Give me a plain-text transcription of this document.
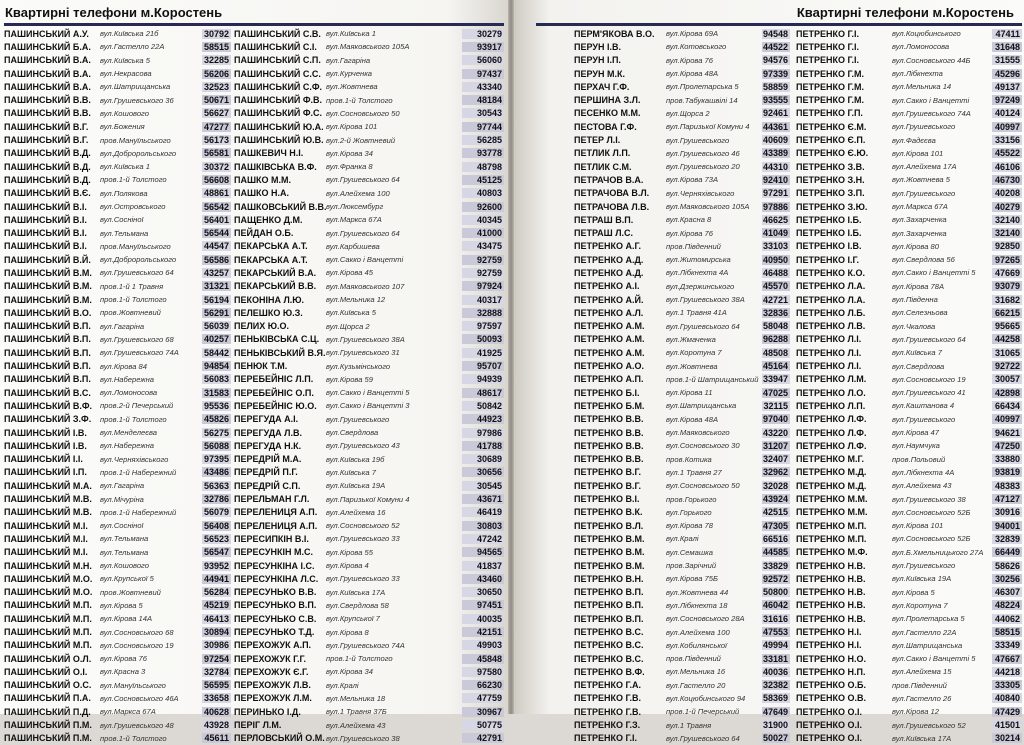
Квартирні телефони м.Коростень
ПАШИНСЬКИЙ А.У.	вул.Київська 21б	30792
ПАШИНСЬКИЙ Б.А.	вул.Гастелло 22А	58515
ПАШИНСЬКИЙ В.А.	вул.Київська 5	32285
ПАШИНСЬКИЙ В.А.	вул.Некрасова	56206
ПАШИНСЬКИЙ В.А.	вул.Шатрищанська	32523
ПАШИНСЬКИЙ В.В.	вул.Грушевського 36	50671
ПАШИНСЬКИЙ В.В.	вул.Кошового	56627
ПАШИНСЬКИЙ В.Г.	вул.Божения	47277
ПАШИНСЬКИЙ В.Г.	пров.Мануїльського	56173
ПАШИНСЬКИЙ В.Д.	вул.Добророльського	56581
ПАШИНСЬКИЙ В.Д.	вул.Київська 1	30372
ПАШИНСЬКИЙ В.Д.	пров.1-й Толстого	56608
ПАШИНСЬКИЙ В.Є.	вул.Полякова	48861
ПАШИНСЬКИЙ В.І.	вул.Островського	56542
ПАШИНСЬКИЙ В.І.	вул.Сосніної	56401
ПАШИНСЬКИЙ В.І.	вул.Тельмана	56544
ПАШИНСЬКИЙ В.І.	пров.Мануїльського	44547
ПАШИНСЬКИЙ В.Й.	вул.Добророльського	56586
ПАШИНСЬКИЙ В.М.	вул.Грушевського 64	43257
ПАШИНСЬКИЙ В.М.	пров.1-й 1 Травня	31321
ПАШИНСЬКИЙ В.М.	пров.1-й Толстого	56194
ПАШИНСЬКИЙ В.О.	пров.Жовтневий	56291
ПАШИНСЬКИЙ В.П.	вул.Гагаріна	56039
ПАШИНСЬКИЙ В.П.	вул.Грушевського 68	40257
ПАШИНСЬКИЙ В.П.	вул.Грушевського 74А	58442
ПАШИНСЬКИЙ В.П.	вул.Кірова 84	94854
ПАШИНСЬКИЙ В.П.	вул.Набережна	56083
ПАШИНСЬКИЙ В.С.	вул.Ломоносова	31583
ПАШИНСЬКИЙ В.Ф.	пров.2-й Печерський	95536
ПАШИНСЬКИЙ З.Ф.	пров.1-й Толстого	45826
ПАШИНСЬКИЙ І.В.	вул.Менделеєва	56275
ПАШИНСЬКИЙ І.В.	вул.Набережна	56088
ПАШИНСЬКИЙ І.І.	вул.Черняхівського	97395
ПАШИНСЬКИЙ І.П.	пров.1-й Набережний	43486
ПАШИНСЬКИЙ М.А.	вул.Гагаріна	56363
ПАШИНСЬКИЙ М.В.	вул.Мічуріна	32786
ПАШИНСЬКИЙ М.В.	пров.1-й Набережний	56079
ПАШИНСЬКИЙ М.І.	вул.Сосніної	56408
ПАШИНСЬКИЙ М.І.	вул.Тельмана	56523
ПАШИНСЬКИЙ М.І.	вул.Тельмана	56547
ПАШИНСЬКИЙ М.Н.	вул.Кошового	93952
ПАШИНСЬКИЙ М.О.	вул.Крупської 5	44941
ПАШИНСЬКИЙ М.О.	пров.Жовтневий	56284
ПАШИНСЬКИЙ М.П.	вул.Кірова 5	45219
ПАШИНСЬКИЙ М.П.	вул.Кірова 14А	46413
ПАШИНСЬКИЙ М.П.	вул.Сосновського 68	30894
ПАШИНСЬКИЙ М.П.	вул.Сосновського 19	30986
ПАШИНСЬКИЙ О.Л.	вул.Кірова 76	97254
ПАШИНСЬКИЙ О.І.	вул.Красна 3	32784
ПАШИНСЬКИЙ О.С.	вул.Мануїльського	56595
ПАШИНСЬКИЙ П.А.	вул.Сосновського 46А	33658
ПАШИНСЬКИЙ П.Д.	вул.Маркса 67А	40628
ПАШИНСЬКИЙ П.М.	вул.Грушевського 48	43928
ПАШИНСЬКИЙ П.М.	пров.1-й Толстого	45611
ПАШИНСЬКИЙ С.В. вул.Київська 1	30279
ПАШИНСЬКИЙ С.І.	вул.Маяковського 105А	93917
ПАШИНСЬКИЙ С.П. вул.Гагаріна	56060
ПАШИНСЬКИЙ С.С. вул.Курченка	97437
ПАШИНСЬКИЙ С.Ф. вул.Жовтнева	43340
ПАШИНСЬКИЙ Ф.В. пров.1-й Толстого	48184
ПАШИНСЬКИЙ Ф.С. вул.Сосновського 50	30543
ПАШИНСЬКИЙ Ю.А. вул.Кірова 101	97744
ПАШИНСЬКИЙ Ю.В. вул.2-й Жовтневий	56285
ПАШКЕВИЧ Н.І.	вул.Кірова 34	93778
ПАШКІВСЬКА В.Ф.	вул.Франка 8	48798
ПАШКО М.М.	вул.Грушевського 64	45125
ПАШКО Н.А.	вул.Алейхема 100	40803
ПАШКОВСЬКИЙ В.В. вул.Люксембург	92600
ПАЩЕНКО Д.М.	вул.Маркса 67А	40345
ПЕЙДАН О.Б.	вул.Грушевського 64	41000
ПЕКАРСЬКА А.Т.	вул.Карбишева	43475
ПЕКАРСЬКА А.Т.	вул.Сакко і Ванцетті	92759
ПЕКАРСЬКИЙ В.А.	вул.Кірова 45	92759
ПЕКАРСЬКИЙ В.В.	вул.Маяковського 107	97924
ПЕКОНІНА Л.Ю.	вул.Мельника 12	40317
ПЕЛЕШКО Ю.З.	вул.Київська 5	32888
ПЕЛИХ Ю.О.	вул.Щорса 2	97597
ПЕНЬКІВСЬКА С.Ц. вул.Грушевського 38А	50093
ПЕНЬКІВСЬКИЙ В.Я. вул.Грушевського 31	41925
ПЕНЮК Т.М.	вул.Кузьмінського	95707
ПЕРЕБЕЙНІС Л.П.	вул.Кірова 59	94939
ПЕРЕБЕЙНІС О.П.	вул.Сакко і Ванцетті 5	48617
ПЕРЕБЕЙНІС Ю.О.	вул.Сакко і Ванцетті 3	50842
ПЕРЕГУДА А.І.	вул.Грушевського	44923
ПЕРЕГУДА Л.В.	вул.Свердлова	97986
ПЕРЕГУДА Н.К.	вул.Грушевського 43	41788
ПЕРЕДРІЙ М.А.	вул.Київська 19б	30689
ПЕРЕДРІЙ П.Г.	вул.Київська 7	30656
ПЕРЕДРІЙ С.П.	вул.Київська 19А	30545
ПЕРЕЛЬМАН Г.Л.	вул.Паризької Комуни 4	43671
ПЕРЕЛЕНИЦЯ А.П.	вул.Алейхема 16	46419
ПЕРЕЛЕНИЦЯ А.П.	вул.Сосновського 52	30803
ПЕРЕСИПКІН В.І.	вул.Грушевського 33	47242
ПЕРЕСУНКІН М.С.	вул.Кірова 55	94565
ПЕРЕСУНКІНА І.С.	вул.Кірова 4	41837
ПЕРЕСУНКІНА Л.С.	вул.Грушевського 33	43460
ПЕРЕСУНЬКО В.В.	вул.Київська 17А	30650
ПЕРЕСУНЬКО В.П.	вул.Свердлова 58	97451
ПЕРЕСУНЬКО С.В.	вул.Крупської 7	40035
ПЕРЕСУНЬКО Т.Д.	вул.Кірова 8	42151
ПЕРЕХОЖУК А.П.	вул.Грушевського 74А	49903
ПЕРЕХОЖУК Г.Г.	пров.1-й Толстого	45848
ПЕРЕХОЖУК Є.Г.	вул.Кірова 34	97580
ПЕРЕХОЖУК Л.В.	вул.Кралі	66230
ПЕРЕХОЖУК Л.М.	вул.Мельника 18	47759
ПЕРИНЬКО І.Д.	вул.1 Травня 37Б	30967
ПЕРІГ Л.М.	вул.Алейхема 43	50775
ПЕРЛОВСЬКИЙ О.М. вул.Грушевського 38	42791
Квартирні телефони м.Коростень
ПЕРМ'ЯКОВА В.О.	вул.Кірова 69А	94548
ПЕРУН І.В.	вул.Котовського	44522
ПЕРУН І.П.	вул.Кірова 76	94576
ПЕРУН М.К.	вул.Кірова 48А	97339
ПЕРХАЧ Г.Ф.	вул.Пролетарська 5	58859
ПЕРШИНА З.Л.	пров.Табукашвілі 14	93555
ПЕСЕНКО М.М.	вул.Щорса 2	92461
ПЕСТОВА Г.Ф.	вул.Паризької Комуни 4	44361
ПЕТЕР Л.І.	вул.Грушевського	40609
ПЕТЛИК Л.П.	вул.Грушевського 46	43389
ПЕТЛИК С.М.	вул.Грушевського 20	44310
ПЕТРАЧОВ В.А.	вул.Кірова 73А	92410
ПЕТРАЧОВА В.Л.	вул.Черняхівського	97291
ПЕТРАЧОВА Л.В.	вул.Маяковського 105А	97886
ПЕТРАШ В.П.	вул.Красна 8	46625
ПЕТРАШ Л.С.	вул.Кірова 76	41049
ПЕТРЕНКО А.Г.	пров.Південний	33103
ПЕТРЕНКО А.Д.	вул.Житомирська	40950
ПЕТРЕНКО А.Д.	вул.Лібкнехта 4А	46488
ПЕТРЕНКО А.І.	вул.Дзержинського	45570
ПЕТРЕНКО А.Й.	вул.Грушевського 38А	42721
ПЕТРЕНКО А.Л.	вул.1 Травня 41А	32836
ПЕТРЕНКО А.М.	вул.Грушевського 64	58048
ПЕТРЕНКО А.М.	вул.Жмаченка	96288
ПЕТРЕНКО А.М.	вул.Коротуна 7	48508
ПЕТРЕНКО А.О.	вул.Жовтнева	45164
ПЕТРЕНКО А.П.	пров.1-й Шатрищанський 33947
ПЕТРЕНКО Б.І.	вул.Кірова 11	47025
ПЕТРЕНКО Б.М.	вул.Шатрищанська	32115
ПЕТРЕНКО В.В.	вул.Кірова 48А	97040
ПЕТРЕНКО В.В.	вул.Маяковського	43220
ПЕТРЕНКО В.В.	вул.Сосновського 30	31207
ПЕТРЕНКО В.В.	пров.Котика	32407
ПЕТРЕНКО В.Г.	вул.1 Травня 27	32962
ПЕТРЕНКО В.Г.	вул.Сосновського 50	32028
ПЕТРЕНКО В.І.	пров.Горького	43924
ПЕТРЕНКО В.К.	вул.Горького	42515
ПЕТРЕНКО В.Л.	вул.Кірова 78	47305
ПЕТРЕНКО В.М.	вул.Кралі	66516
ПЕТРЕНКО В.М.	вул.Семашка	44585
ПЕТРЕНКО В.М.	пров.Зарічний	33829
ПЕТРЕНКО В.Н.	вул.Кірова 75Б	92572
ПЕТРЕНКО В.П.	вул.Жовтнева 44	50800
ПЕТРЕНКО В.П.	вул.Лібкнехта 18	46042
ПЕТРЕНКО В.П.	вул.Сосновського 28А	31616
ПЕТРЕНКО В.С.	вул.Алейхема 100	47553
ПЕТРЕНКО В.С.	вул.Кобилянської	49994
ПЕТРЕНКО В.С.	пров.Південний	33181
ПЕТРЕНКО В.Ф.	вул.Мельника 16	40036
ПЕТРЕНКО Г.А.	вул.Гастелло 20	32382
ПЕТРЕНКО Г.В.	вул.Коцюбинського 94	58369
ПЕТРЕНКО Г.В.	пров.1-й Печерський	47649
ПЕТРЕНКО Г.З.	вул.1 Травня	31900
ПЕТРЕНКО Г.І.	вул.Грушевського 64	50027
ПЕТРЕНКО Г.І.	вул.Коцюбинського	47411
ПЕТРЕНКО Г.І.	вул.Ломоносова	31648
ПЕТРЕНКО Г.І.	вул.Сосновського 44Б	31555
ПЕТРЕНКО Г.М.	вул.Лібкнехта	45296
ПЕТРЕНКО Г.М.	вул.Мельника 14	49137
ПЕТРЕНКО Г.М.	вул.Сакко і Ванцетті	97249
ПЕТРЕНКО Г.П.	вул.Грушевського 74А	40124
ПЕТРЕНКО Є.М.	вул.Грушевського	40997
ПЕТРЕНКО Є.П.	вул.Фадєєва	33156
ПЕТРЕНКО Є.Ю.	вул.Кірова 101	45522
ПЕТРЕНКО З.В.	вул.Алейхема 17А	46106
ПЕТРЕНКО З.Н.	вул.Жовтнева 5	46730
ПЕТРЕНКО З.П.	вул.Грушевського	40208
ПЕТРЕНКО З.Ю.	вул.Маркса 67А	40279
ПЕТРЕНКО І.Б.	вул.Захарченка	32140
ПЕТРЕНКО І.Б.	вул.Захарченка	32140
ПЕТРЕНКО І.В.	вул.Кірова 80	92850
ПЕТРЕНКО І.Г.	вул.Свердлова 56	97265
ПЕТРЕНКО К.О.	вул.Сакко і Ванцетті 5	47669
ПЕТРЕНКО Л.А.	вул.Кірова 78А	93079
ПЕТРЕНКО Л.А.	вул.Південна	31682
ПЕТРЕНКО Л.Б.	вул.Селезньова	66215
ПЕТРЕНКО Л.В.	вул.Чкалова	95665
ПЕТРЕНКО Л.І.	вул.Грушевського 64	44258
ПЕТРЕНКО Л.І.	вул.Київська 7	31065
ПЕТРЕНКО Л.І.	вул.Свердлова	92722
ПЕТРЕНКО Л.М.	вул.Сосновського 19	30057
ПЕТРЕНКО Л.О.	вул.Грушевського 41	42898
ПЕТРЕНКО Л.П.	вул.Каштанова 4	66434
ПЕТРЕНКО Л.Ф.	вул.Грушевського	40997
ПЕТРЕНКО Л.Ф.	вул.Кірова 47	94621
ПЕТРЕНКО Л.Ф.	вул.Наумчука	47250
ПЕТРЕНКО М.Г.	пров.Польовий	33880
ПЕТРЕНКО М.Д.	вул.Лібкнехта 4А	93819
ПЕТРЕНКО М.Д.	вул.Алейхема 43	48383
ПЕТРЕНКО М.М.	вул.Грушевського 38	47127
ПЕТРЕНКО М.М.	вул.Сосновського 52Б	30916
ПЕТРЕНКО М.П.	вул.Кірова 101	94001
ПЕТРЕНКО М.П.	вул.Сосновського 52Б	32839
ПЕТРЕНКО М.Ф.	вул.Б.Хмельницького 27А	66449
ПЕТРЕНКО Н.В.	вул.Грушевського	58626
ПЕТРЕНКО Н.В.	вул.Київська 19А	30256
ПЕТРЕНКО Н.В.	вул.Кірова 5	46307
ПЕТРЕНКО Н.В.	вул.Коротуна 7	48224
ПЕТРЕНКО Н.В.	вул.Пролетарська 5	44062
ПЕТРЕНКО Н.І.	вул.Гастелло 22А	58515
ПЕТРЕНКО Н.І.	вул.Шатрищанська	33349
ПЕТРЕНКО Н.О.	вул.Сакко і Ванцетті 5	47667
ПЕТРЕНКО Н.П.	вул.Алейхема 15	44218
ПЕТРЕНКО О.Б.	пров.Південний	33305
ПЕТРЕНКО О.В.	вул.Гастелло 26	40840
ПЕТРЕНКО О.І.	вул.Кірова 12	47429
ПЕТРЕНКО О.І.	вул.Грушевського 52	41501
ПЕТРЕНКО О.І.	вул.Київська 17А	30214
